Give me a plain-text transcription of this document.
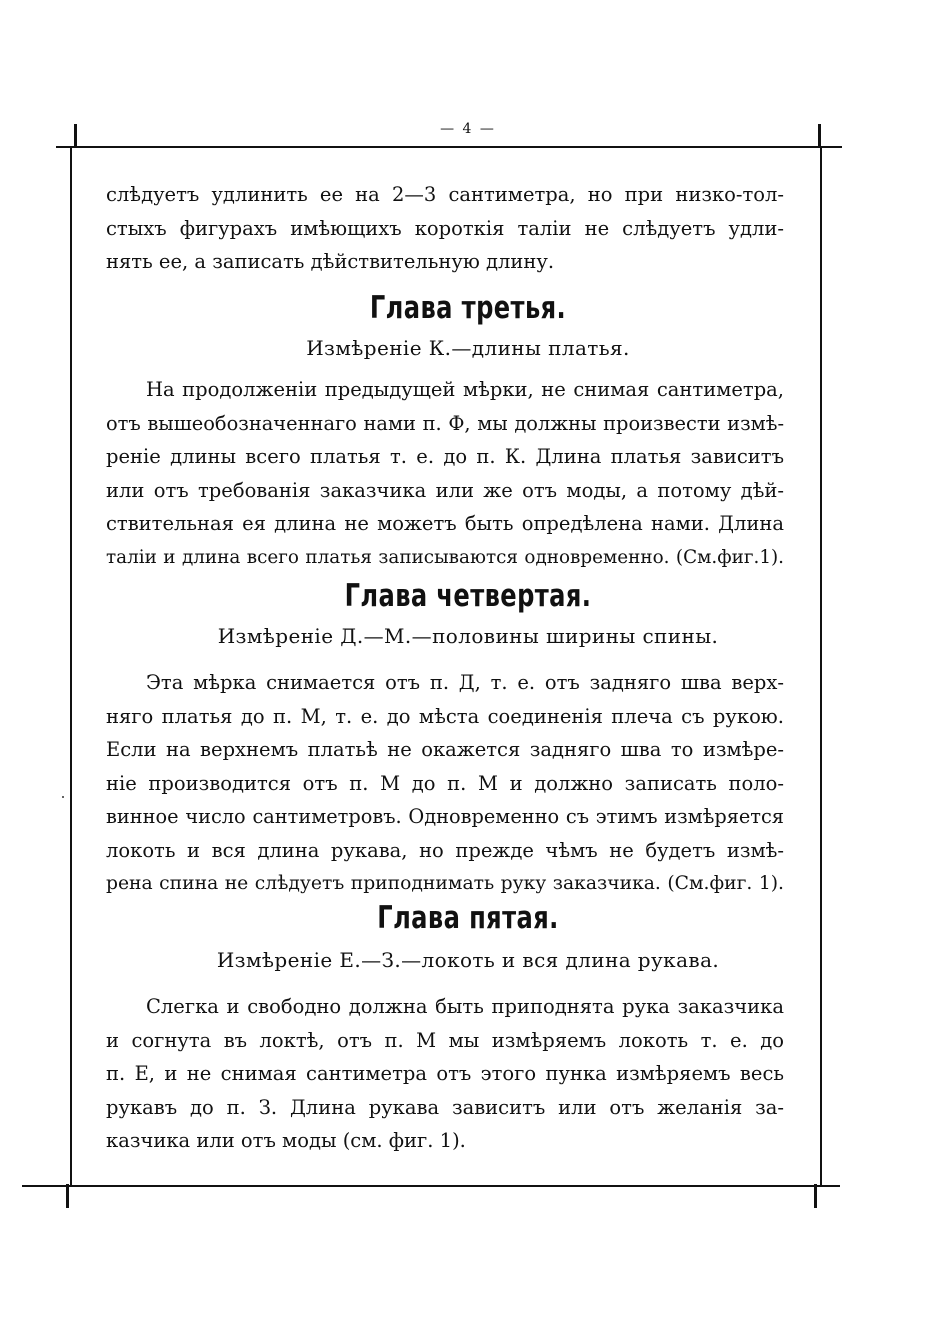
— 4 —
слѣдуетъ удлинить ее на 2—3 сантиметра, но при низко-тол-
стыхъ фигурахъ имѣющихъ короткія таліи не слѣдуетъ удли-
нять ее, а записать дѣйствительную длину.
Глава третья.
Измѣреніе К.—длины платья.
На продолженіи предыдущей мѣрки, не снимая сантиметра,
отъ вышеобозначеннаго нами п. Ф, мы должны произвести измѣ-
реніе длины всего платья т. е. до п. К. Длина платья зависитъ
или отъ требованія заказчика или же отъ моды, а потому дѣй-
ствительная ея длина не можетъ быть опредѣлена нами. Длина
таліи и длина всего платья записываются одновременно. (См.фиг.1).
Глава четвертая.
Измѣреніе Д.—М.—половины ширины спины.
Эта мѣрка снимается отъ п. Д, т. е. отъ задняго шва верх-
няго платья до п. М, т. е. до мѣста соединенія плеча съ рукою.
Если на верхнемъ платьѣ не окажется задняго шва то измѣре-
ніе производится отъ п. М до п. М и должно записать поло-
винное число сантиметровъ. Одновременно съ этимъ измѣряется
локоть и вся длина рукава, но прежде чѣмъ не будетъ измѣ-
рена спина не слѣдуетъ приподнимать руку заказчика. (См.фиг. 1).
Глава пятая.
Измѣреніе Е.—З.—локоть и вся длина рукава.
Слегка и свободно должна быть приподнята рука заказчика
и согнута въ локтѣ, отъ п. М мы измѣряемъ локоть т. е. до
п. Е, и не снимая сантиметра отъ этого пунка измѣряемъ весь
рукавъ до п. З. Длина рукава зависитъ или отъ желанія за-
казчика или отъ моды (см. фиг. 1).
